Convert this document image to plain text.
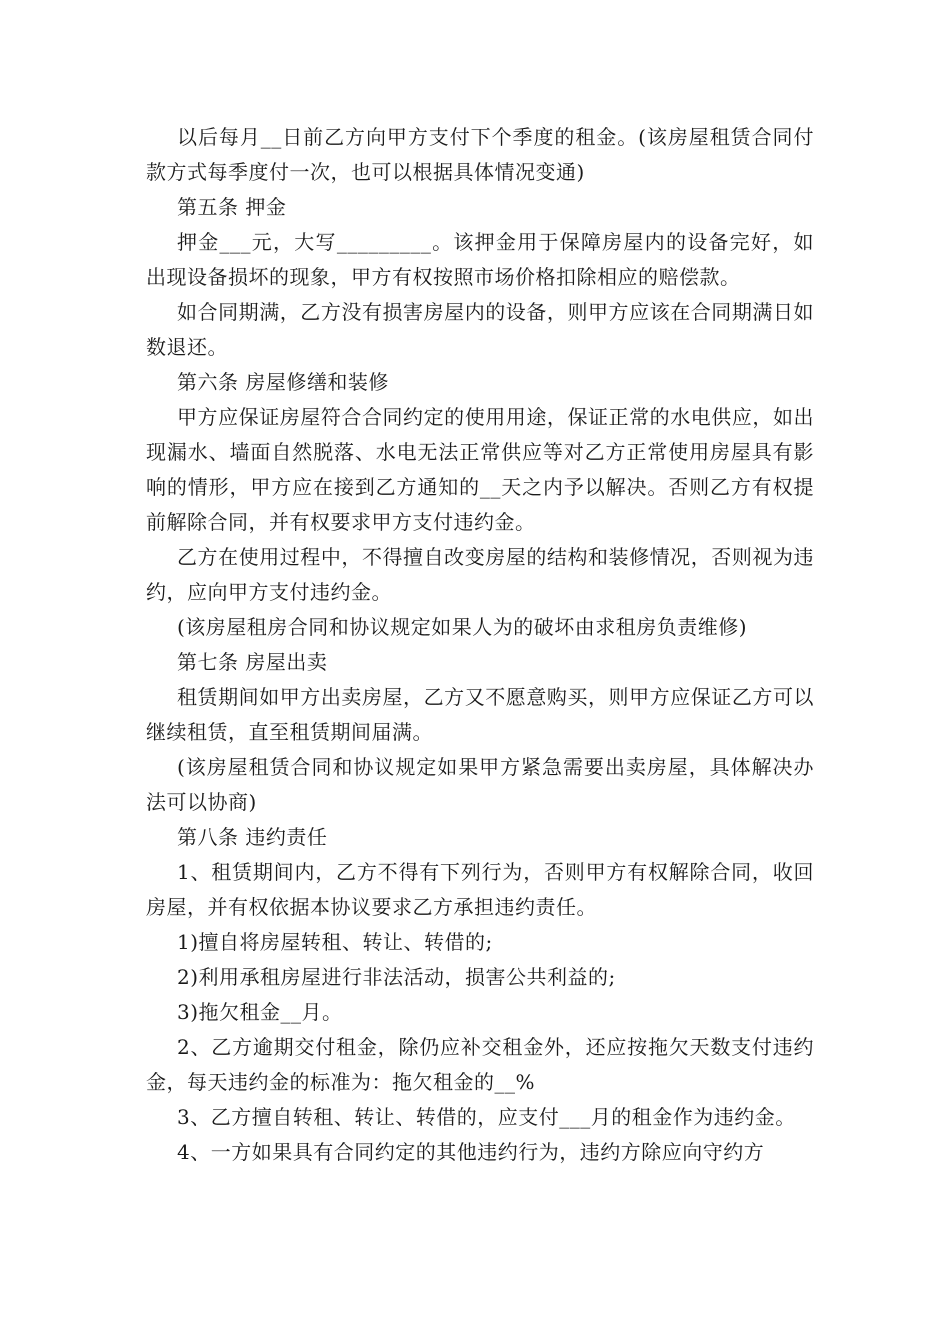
以后每月__日前乙方向甲方支付下个季度的租金。(该房屋租赁合同付款方式每季度付一次，也可以根据具体情况变通)

第五条 押金

押金___元，大写_________。该押金用于保障房屋内的设备完好，如出现设备损坏的现象，甲方有权按照市场价格扣除相应的赔偿款。

如合同期满，乙方没有损害房屋内的设备，则甲方应该在合同期满日如数退还。

第六条 房屋修缮和装修

甲方应保证房屋符合合同约定的使用用途，保证正常的水电供应，如出现漏水、墙面自然脱落、水电无法正常供应等对乙方正常使用房屋具有影响的情形，甲方应在接到乙方通知的__天之内予以解决。否则乙方有权提前解除合同，并有权要求甲方支付违约金。

乙方在使用过程中，不得擅自改变房屋的结构和装修情况，否则视为违约，应向甲方支付违约金。

(该房屋租房合同和协议规定如果人为的破坏由求租房负责维修)

第七条 房屋出卖

租赁期间如甲方出卖房屋，乙方又不愿意购买，则甲方应保证乙方可以继续租赁，直至租赁期间届满。

(该房屋租赁合同和协议规定如果甲方紧急需要出卖房屋，具体解决办法可以协商)

第八条 违约责任

1、租赁期间内，乙方不得有下列行为，否则甲方有权解除合同，收回房屋，并有权依据本协议要求乙方承担违约责任。

1)擅自将房屋转租、转让、转借的;

2)利用承租房屋进行非法活动，损害公共利益的;

3)拖欠租金__月。

2、乙方逾期交付租金，除仍应补交租金外，还应按拖欠天数支付违约金，每天违约金的标准为：拖欠租金的__%

3、乙方擅自转租、转让、转借的，应支付___月的租金作为违约金。

4、一方如果具有合同约定的其他违约行为，违约方除应向守约方
